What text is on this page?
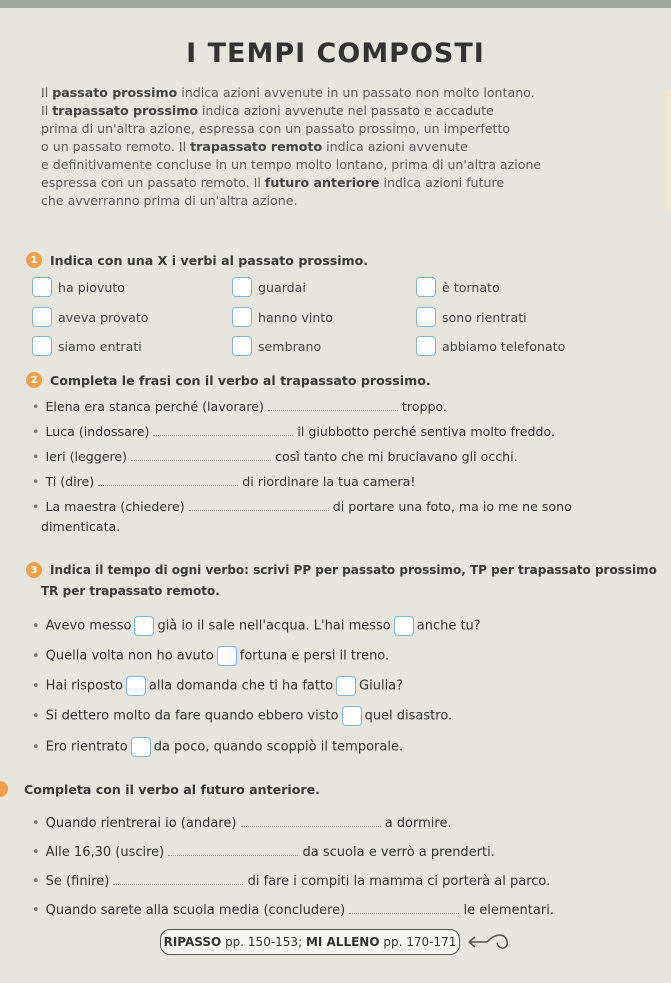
I TEMPI COMPOSTI
Il passato prossimo indica azioni avvenute in un passato non molto lontano.
Il trapassato prossimo indica azioni avvenute nel passato e accadute
prima di un'altra azione, espressa con un passato prossimo, un imperfetto
o un passato remoto. Il trapassato remoto indica azioni avvenute
e definitivamente concluse in un tempo molto lontano, prima di un'altra azione
espressa con un passato remoto. Il futuro anteriore indica azioni future
che avverranno prima di un'altra azione.
1 Indica con una X i verbi al passato prossimo.
ha piovuto	guardai	è tornato
aveva provato	hanno vinto	sono rientrati
siamo entrati	sembrano	abbiamo telefonato
2 Completa le frasi con il verbo al trapassato prossimo.
• Elena era stanca perché (lavorare)	troppo.
• Luca (indossare)	il giubbotto perché sentiva molto freddo.
• Ieri (leggere)	così tanto che mi bruciavano gli occhi.
• Ti (dire)	di riordinare la tua camera!
• La maestra (chiedere)	di portare una foto, ma io me ne sono
dimenticata.
3	Indica il tempo di ogni verbo: scrivi PP per passato prossimo, TP per trapassato prossimo
TR per trapassato remoto.
• Avevo messo già io il sale nell'acqua. L'hai messo anche tu?
• Quella volta non ho avuto fortuna e persi il treno.
• Hai risposto alla domanda che ti ha fatto Giulia?
• Si dettero molto da fare quando ebbero visto quel disastro.
• Ero rientrato da poco, quando scoppiò il temporale.
Completa con il verbo al futuro anteriore.
• Quando rientrerai io (andare)	a dormire.
• Alle 16,30 (uscire)	da scuola e verrò a prenderti.
• Se (finire)	di fare i compiti la mamma ci porterà al parco.
• Quando sarete alla scuola media (concludere)	le elementari.
RIPASSO
pp. 150-153;
MI ALLENO
pp. 170-171
